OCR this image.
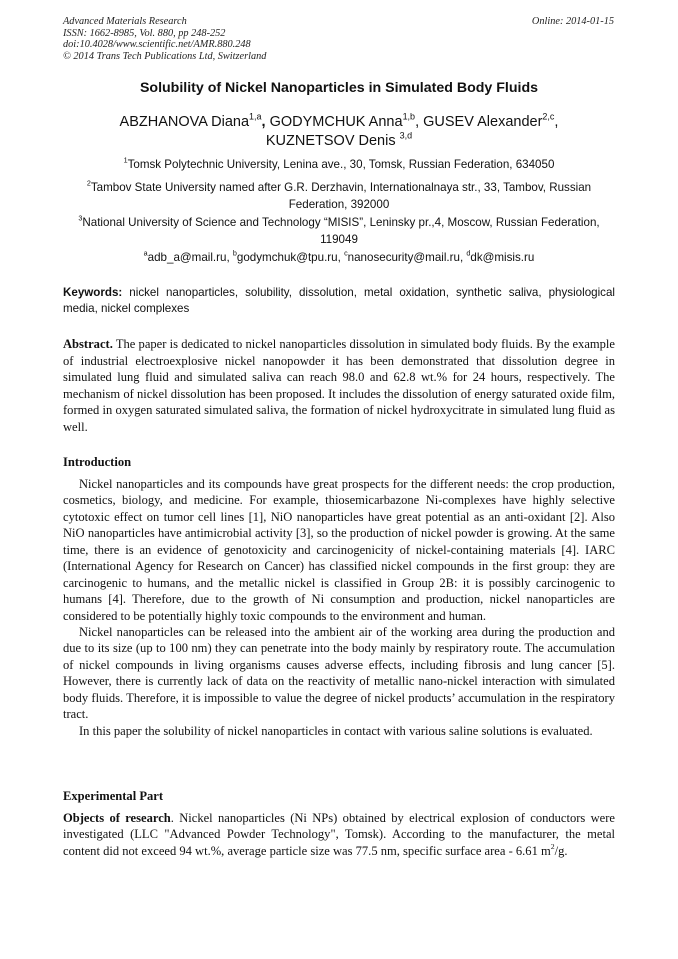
Advanced Materials Research
ISSN: 1662-8985, Vol. 880, pp 248-252
doi:10.4028/www.scientific.net/AMR.880.248
© 2014 Trans Tech Publications Ltd, Switzerland
Online: 2014-01-15
Solubility of Nickel Nanoparticles in Simulated Body Fluids
ABZHANOVA Diana$^{1,a}$, GODYMCHUK Anna$^{1,b}$, GUSEV Alexander$^{2,c}$,
KUZNETSOV Denis $^{3,d}$
$^1$Tomsk Polytechnic University, Lenina ave., 30, Tomsk, Russian Federation, 634050
$^2$Tambov State University named after G.R. Derzhavin, Internationalnaya str., 33, Tambov, Russian Federation, 392000
$^3$National University of Science and Technology “MISIS”, Leninsky pr.,4, Moscow, Russian Federation, 119049
$^a$adb_a@mail.ru, $^b$godymchuk@tpu.ru, $^c$nanosecurity@mail.ru, $^d$dk@misis.ru
Keywords: nickel nanoparticles, solubility, dissolution, metal oxidation, synthetic saliva, physiological media, nickel complexes
Abstract. The paper is dedicated to nickel nanoparticles dissolution in simulated body fluids. By the example of industrial electroexplosive nickel nanopowder it has been demonstrated that dissolution degree in simulated lung fluid and simulated saliva can reach 98.0 and 62.8 wt.% for 24 hours, respectively. The mechanism of nickel dissolution has been proposed. It includes the dissolution of energy saturated oxide film, formed in oxygen saturated simulated saliva, the formation of nickel hydroxycitrate in simulated lung fluid as well.
Introduction

Nickel nanoparticles and its compounds have great prospects for the different needs: the crop production, cosmetics, biology, and medicine. For example, thiosemicarbazone Ni-complexes have highly selective cytotoxic effect on tumor cell lines [1], NiO nanoparticles have great potential as an anti-oxidant [2]. Also NiO nanoparticles have antimicrobial activity [3], so the production of nickel powder is growing. At the same time, there is an evidence of genotoxicity and carcinogenicity of nickel-containing materials [4]. IARC (International Agency for Research on Cancer) has classified nickel compounds in the first group: they are carcinogenic to humans, and the metallic nickel is classified in Group 2B: it is possibly carcinogenic to humans [4]. Therefore, due to the growth of Ni consumption and production, nickel nanoparticles are considered to be potentially highly toxic compounds to the environment and human.

Nickel nanoparticles can be released into the ambient air of the working area during the production and due to its size (up to 100 nm) they can penetrate into the body mainly by respiratory route. The accumulation of nickel compounds in living organisms causes adverse effects, including fibrosis and lung cancer [5]. However, there is currently lack of data on the reactivity of metallic nano-nickel interaction with simulated body fluids. Therefore, it is impossible to value the degree of nickel products’ accumulation in the respiratory tract.

In this paper the solubility of nickel nanoparticles in contact with various saline solutions is evaluated.

Experimental Part

Objects of research. Nickel nanoparticles (Ni NPs) obtained by electrical explosion of conductors were investigated (LLC "Advanced Powder Technology", Tomsk). According to the manufacturer, the metal content did not exceed 94 wt.%, average particle size was 77.5 nm, specific surface area - 6.61 $m^2/g$.
